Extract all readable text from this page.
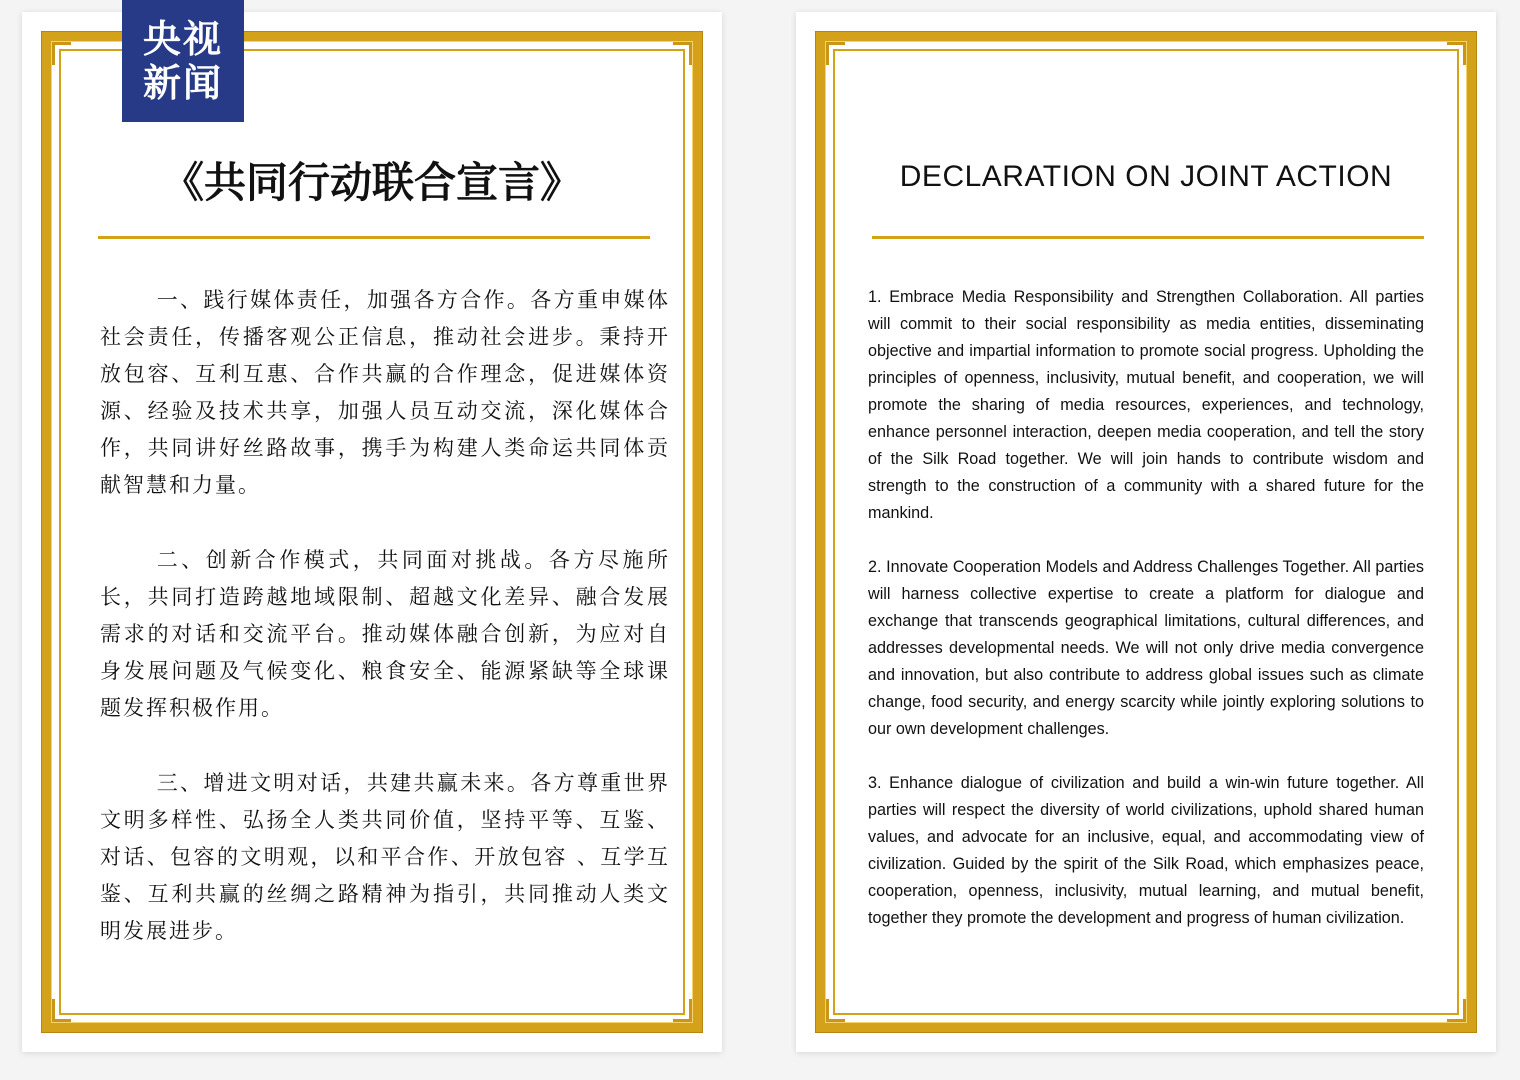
央视
新闻
《共同行动联合宣言》

一、践行媒体责任，加强各方合作。各方重申媒体社会责任，传播客观公正信息，推动社会进步。秉持开放包容、互利互惠、合作共赢的合作理念，促进媒体资源、经验及技术共享，加强人员互动交流，深化媒体合作，共同讲好丝路故事，携手为构建人类命运共同体贡献智慧和力量。

二、创新合作模式，共同面对挑战。各方尽施所长，共同打造跨越地域限制、超越文化差异、融合发展需求的对话和交流平台。推动媒体融合创新，为应对自身发展问题及气候变化、粮食安全、能源紧缺等全球课题发挥积极作用。

三、增进文明对话，共建共赢未来。各方尊重世界文明多样性、弘扬全人类共同价值，坚持平等、互鉴、对话、包容的文明观，以和平合作、开放包容 、互学互鉴、互利共赢的丝绸之路精神为指引，共同推动人类文明发展进步。

DECLARATION ON JOINT ACTION

1. Embrace Media Responsibility and Strengthen Collaboration. All parties will commit to their social responsibility as media entities, disseminating objective and impartial information to promote social progress. Upholding the principles of openness, inclusivity, mutual benefit, and cooperation, we will promote the sharing of media resources, experiences, and technology, enhance personnel interaction, deepen media cooperation, and tell the story of the Silk Road together. We will join hands to contribute wisdom and strength to the construction of a community with a shared future for the mankind.

2. Innovate Cooperation Models and Address Challenges Together. All parties will harness collective expertise to create a platform for dialogue and exchange that transcends geographical limitations, cultural differences, and addresses developmental needs. We will not only drive media convergence and innovation, but also contribute to address global issues such as climate change, food security, and energy scarcity while jointly exploring solutions to our own development challenges.

3. Enhance dialogue of civilization and build a win-win future together. All parties will respect the diversity of world civilizations, uphold shared human values, and advocate for an inclusive, equal, and accommodating view of civilization. Guided by the spirit of the Silk Road, which emphasizes peace, cooperation, openness, inclusivity, mutual learning, and mutual benefit, together they promote the development and progress of human civilization.
